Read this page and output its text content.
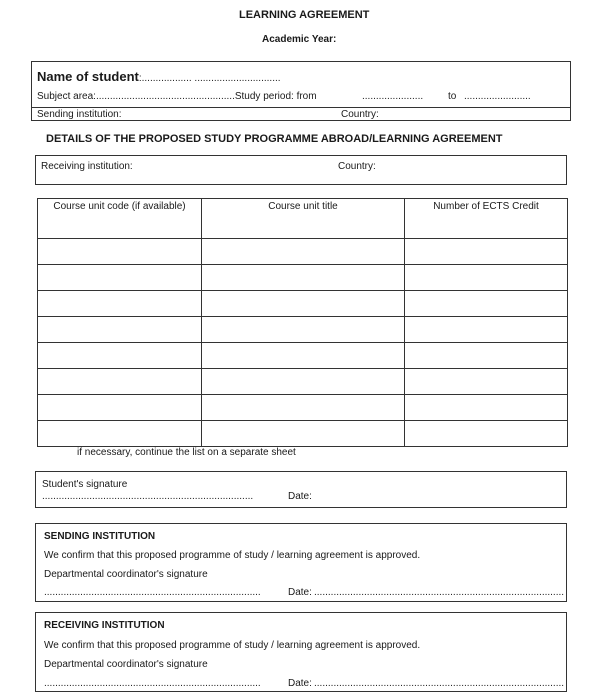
LEARNING AGREEMENT
Academic Year:
Name of student:.................. ...............................
Subject area:..................................................Study period: from	...................... to ........................
Sending institution:	Country:
DETAILS OF THE PROPOSED STUDY PROGRAMME ABROAD/LEARNING AGREEMENT
Receiving institution:	Country:
Course unit code (if available)	Course unit title	Number of ECTS Credit

if necessary, continue the list on a separate sheet
Student's signature
............................................................................	Date:
SENDING INSTITUTION
We confirm that this proposed programme of study / learning agreement is approved.
Departmental coordinator's signature
..............................................................................	Date: ..........................................................................................
RECEIVING INSTITUTION
We confirm that this proposed programme of study / learning agreement is approved.
Departmental coordinator's signature
..............................................................................	Date: ..........................................................................................
